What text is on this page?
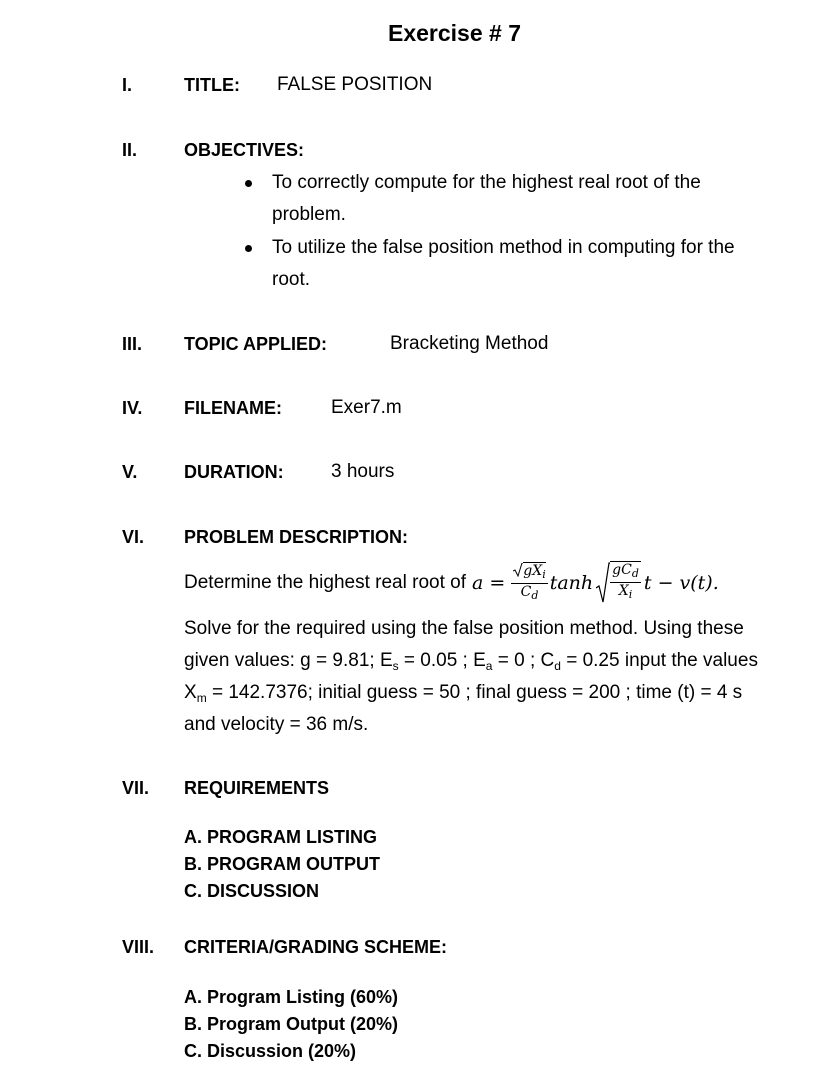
Exercise # 7
I.	TITLE: FALSE POSITION
II.	OBJECTIVES:
To correctly compute for the highest real root of the
problem.
To utilize the false position method in computing for the
root.
III. TOPIC APPLIED:	Bracketing Method
IV. FILENAME:	Exer7.m
V.	DURATION: 3 hours
VI. PROBLEM DESCRIPTION:
Determine the highest real root of $a = \frac{gX_i}{C_d}$ $\tanh \frac{gC_d}{X_i}$ t − v(t).
Solve for the required using the false position method. Using these
given values: g = 9.81; $E_s = 0.05$ ; $E_a = 0$ ; $C_d = 0.25$ input the values
$X_m = 142.7376$; initial guess = 50 ; final guess = 200 ; time (t) = 4 s
and velocity = 36 m/s.
VII. REQUIREMENTS
A. PROGRAM LISTING
B. PROGRAM OUTPUT
C. DISCUSSION
VIII. CRITERIA/GRADING SCHEME:
A. Program Listing (60%)
B. Program Output (20%)
C. Discussion (20%)
